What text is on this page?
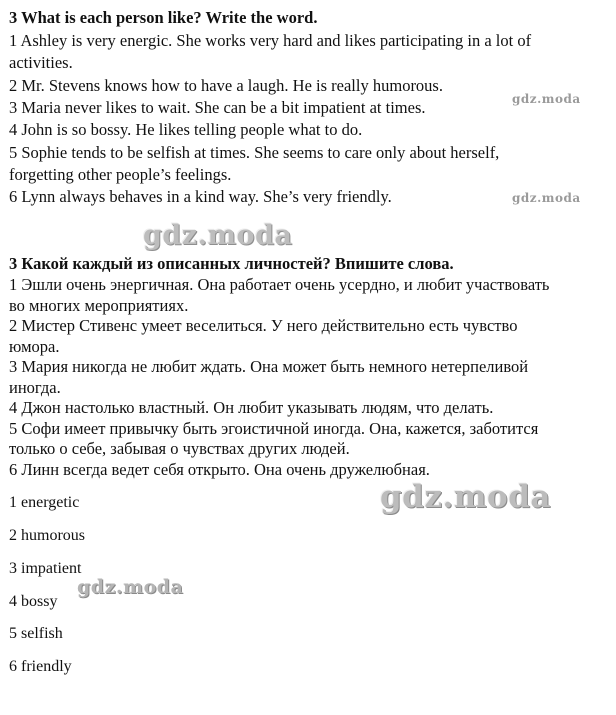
3 What is each person like? Write the word.
1 Ashley is very energic. She works very hard and likes participating in a lot of
activities.
2 Mr. Stevens knows how to have a laugh. He is really humorous.
3 Maria never likes to wait. She can be a bit impatient at times.
4 John is so bossy. He likes telling people what to do.
5 Sophie tends to be selfish at times. She seems to care only about herself,
forgetting other people’s feelings.
6 Lynn always behaves in a kind way. She’s very friendly.
3 Какой каждый из описанных личностей? Впишите слова.
1 Эшли очень энергичная. Она работает очень усердно, и любит участвовать
во многих мероприятиях.
2 Мистер Стивенс умеет веселиться. У него действительно есть чувство
юмора.
3 Мария никогда не любит ждать. Она может быть немного нетерпеливой
иногда.
4 Джон настолько властный. Он любит указывать людям, что делать.
5 Софи имеет привычку быть эгоистичной иногда. Она, кажется, заботится
только о себе, забывая о чувствах других людей.
6 Линн всегда ведет себя открыто. Она очень дружелюбная.
1 energetic
2 humorous
3 impatient
4 bossy
5 selfish
6 friendly
gdz.moda
gdz.moda
gdz.moda
gdz.moda
gdz.moda
